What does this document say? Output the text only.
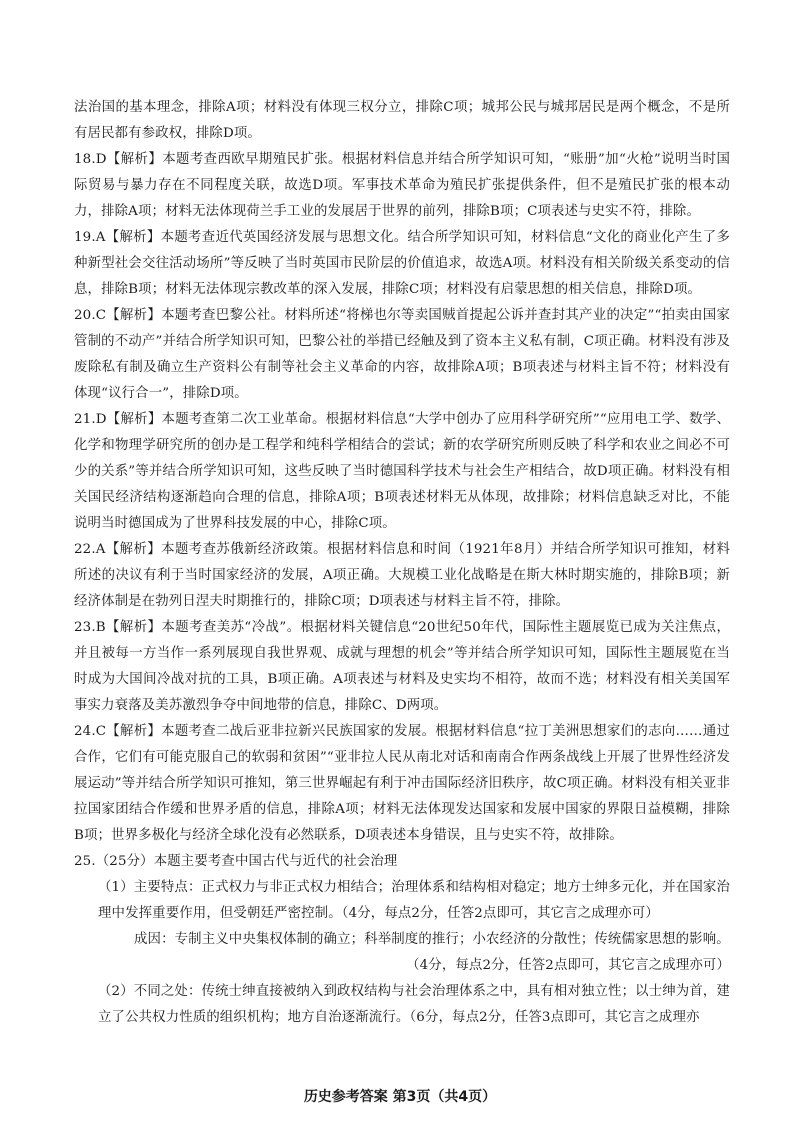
法治国的基本理念，排除A项；材料没有体现三权分立，排除C项；城邦公民与城邦居民是两个概念，不是所有居民都有参政权，排除D项。

18.D【解析】本题考查西欧早期殖民扩张。根据材料信息并结合所学知识可知，“账册”加“火枪”说明当时国际贸易与暴力存在不同程度关联，故选D项。军事技术革命为殖民扩张提供条件，但不是殖民扩张的根本动力，排除A项；材料无法体现荷兰手工业的发展居于世界的前列，排除B项；C项表述与史实不符，排除。

19.A【解析】本题考查近代英国经济发展与思想文化。结合所学知识可知，材料信息“文化的商业化产生了多种新型社会交往活动场所”等反映了当时英国市民阶层的价值追求，故选A项。材料没有相关阶级关系变动的信息，排除B项；材料无法体现宗教改革的深入发展，排除C项；材料没有启蒙思想的相关信息，排除D项。

20.C【解析】本题考查巴黎公社。材料所述“将梯也尔等卖国贼首提起公诉并查封其产业的决定”“拍卖由国家管制的不动产”并结合所学知识可知，巴黎公社的举措已经触及到了资本主义私有制，C项正确。材料没有涉及废除私有制及确立生产资料公有制等社会主义革命的内容，故排除A项；B项表述与材料主旨不符；材料没有体现“议行合一”，排除D项。

21.D【解析】本题考查第二次工业革命。根据材料信息“大学中创办了应用科学研究所”“应用电工学、数学、化学和物理学研究所的创办是工程学和纯科学相结合的尝试；新的农学研究所则反映了科学和农业之间必不可少的关系”等并结合所学知识可知，这些反映了当时德国科学技术与社会生产相结合，故D项正确。材料没有相关国民经济结构逐渐趋向合理的信息，排除A项；B项表述材料无从体现，故排除；材料信息缺乏对比，不能说明当时德国成为了世界科技发展的中心，排除C项。

22.A【解析】本题考查苏俄新经济政策。根据材料信息和时间（1921年8月）并结合所学知识可推知，材料所述的决议有利于当时国家经济的发展，A项正确。大规模工业化战略是在斯大林时期实施的，排除B项；新经济体制是在勃列日涅夫时期推行的，排除C项；D项表述与材料主旨不符，排除。

23.B【解析】本题考查美苏“冷战”。根据材料关键信息“20世纪50年代，国际性主题展览已成为关注焦点，并且被每一方当作一系列展现自我世界观、成就与理想的机会”等并结合所学知识可知，国际性主题展览在当时成为大国间冷战对抗的工具，B项正确。A项表述与材料及史实均不相符，故而不选；材料没有相关美国军事实力衰落及美苏激烈争夺中间地带的信息，排除C、D两项。

24.C【解析】本题考查二战后亚非拉新兴民族国家的发展。根据材料信息“拉丁美洲思想家们的志向……通过合作，它们有可能克服自己的软弱和贫困”“亚非拉人民从南北对话和南南合作两条战线上开展了世界性经济发展运动”等并结合所学知识可推知，第三世界崛起有利于冲击国际经济旧秩序，故C项正确。材料没有相关亚非拉国家团结合作缓和世界矛盾的信息，排除A项；材料无法体现发达国家和发展中国家的界限日益模糊，排除B项；世界多极化与经济全球化没有必然联系，D项表述本身错误，且与史实不符，故排除。

25.（25分）本题主要考查中国古代与近代的社会治理

（1）主要特点：正式权力与非正式权力相结合；治理体系和结构相对稳定；地方士绅多元化，并在国家治理中发挥重要作用，但受朝廷严密控制。（4分，每点2分，任答2点即可，其它言之成理亦可）

成因：专制主义中央集权体制的确立；科举制度的推行；小农经济的分散性；传统儒家思想的影响。

（4分，每点2分，任答2点即可，其它言之成理亦可）

（2）不同之处：传统士绅直接被纳入到政权结构与社会治理体系之中，具有相对独立性；以士绅为首，建立了公共权力性质的组织机构；地方自治逐渐流行。（6分，每点2分，任答3点即可，其它言之成理亦

历史参考答案 第3页（共4页）
